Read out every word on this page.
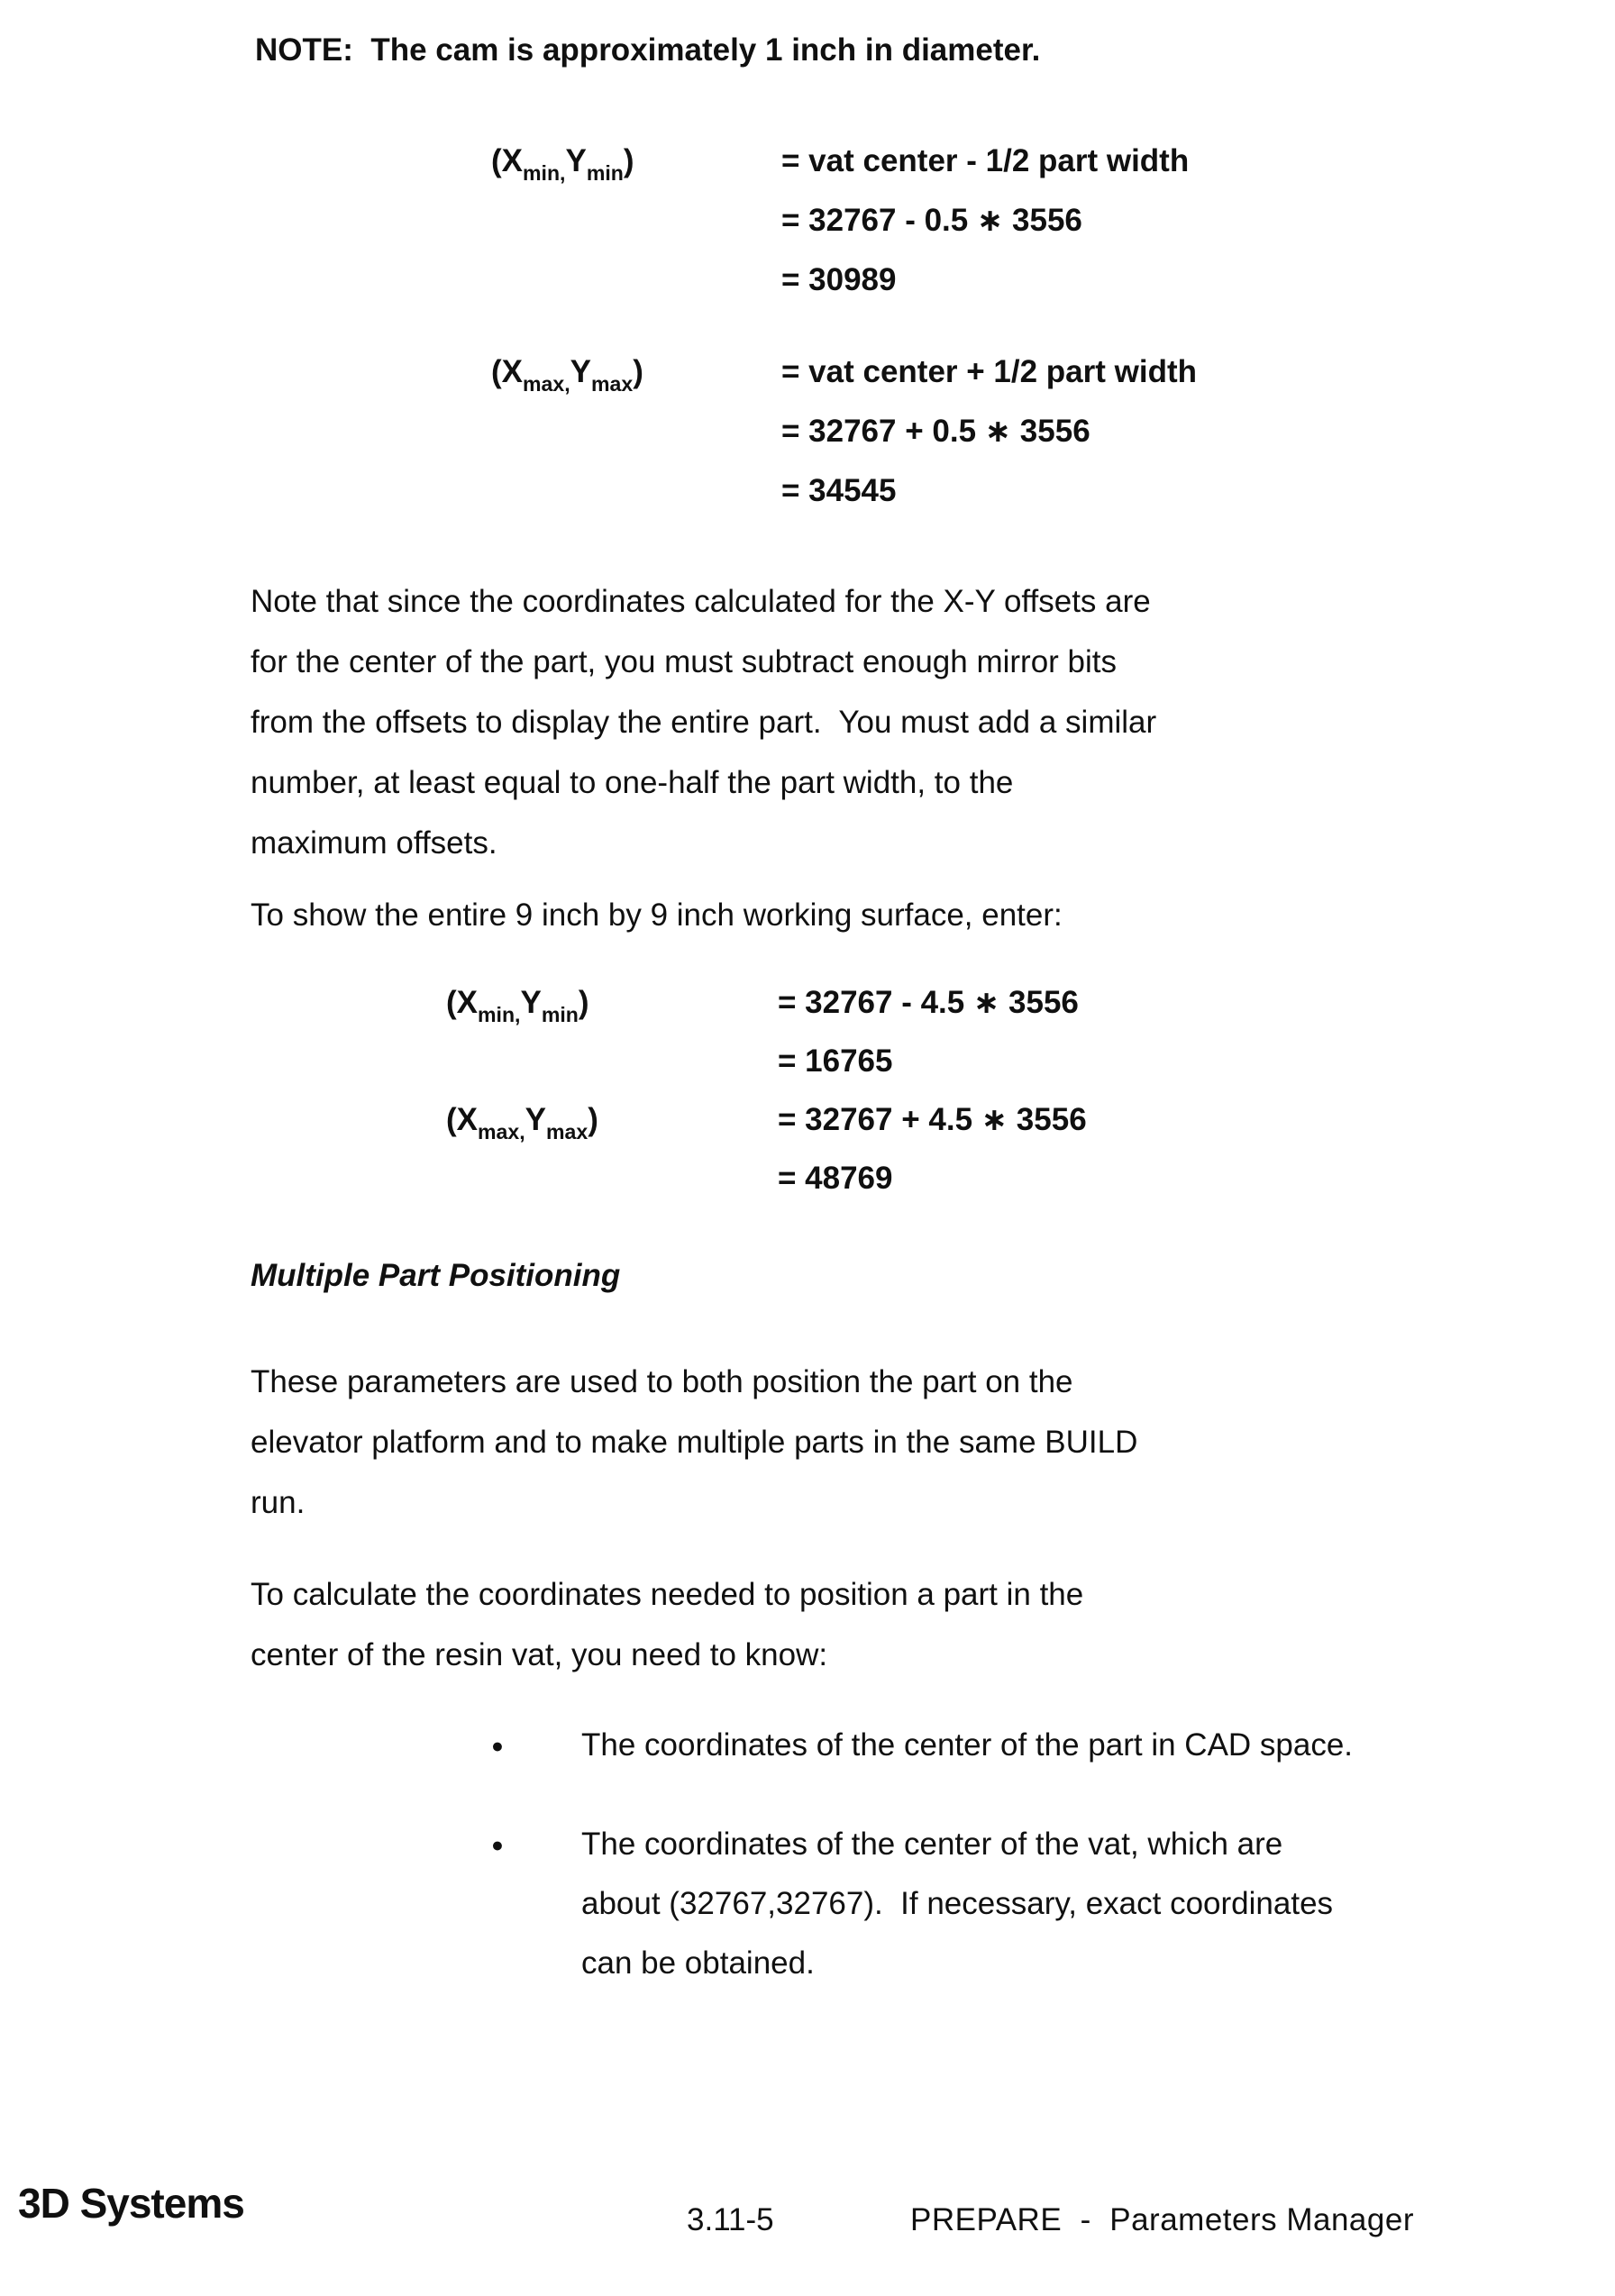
NOTE:  The cam is approximately 1 inch in diameter.
$(X_{min,}Y_{min})$	= vat center - 1/2 part width
= 32767 - 0.5 ∗ 3556
= 30989
$(X_{max,}Y_{max})$	= vat center + 1/2 part width
= 32767 + 0.5 ∗ 3556
= 34545
Note that since the coordinates calculated for the X-Y offsets are
for the center of the part, you must subtract enough mirror bits
from the offsets to display the entire part.  You must add a similar
number, at least equal to one-half the part width, to the
maximum offsets.
To show the entire 9 inch by 9 inch working surface, enter:
$(X_{min,}Y_{min})$	= 32767 - 4.5 ∗ 3556
= 16765
$(X_{max,}Y_{max})$	= 32767 + 4.5 ∗ 3556
= 48769
Multiple Part Positioning
These parameters are used to both position the part on the
elevator platform and to make multiple parts in the same BUILD
run.
To calculate the coordinates needed to position a part in the
center of the resin vat, you need to know:
●	The coordinates of the center of the part in CAD space.
●	The coordinates of the center of the vat, which are
about (32767,32767).  If necessary, exact coordinates
can be obtained.
3D Systems	3.11-5	PREPARE  -  Parameters Manager
